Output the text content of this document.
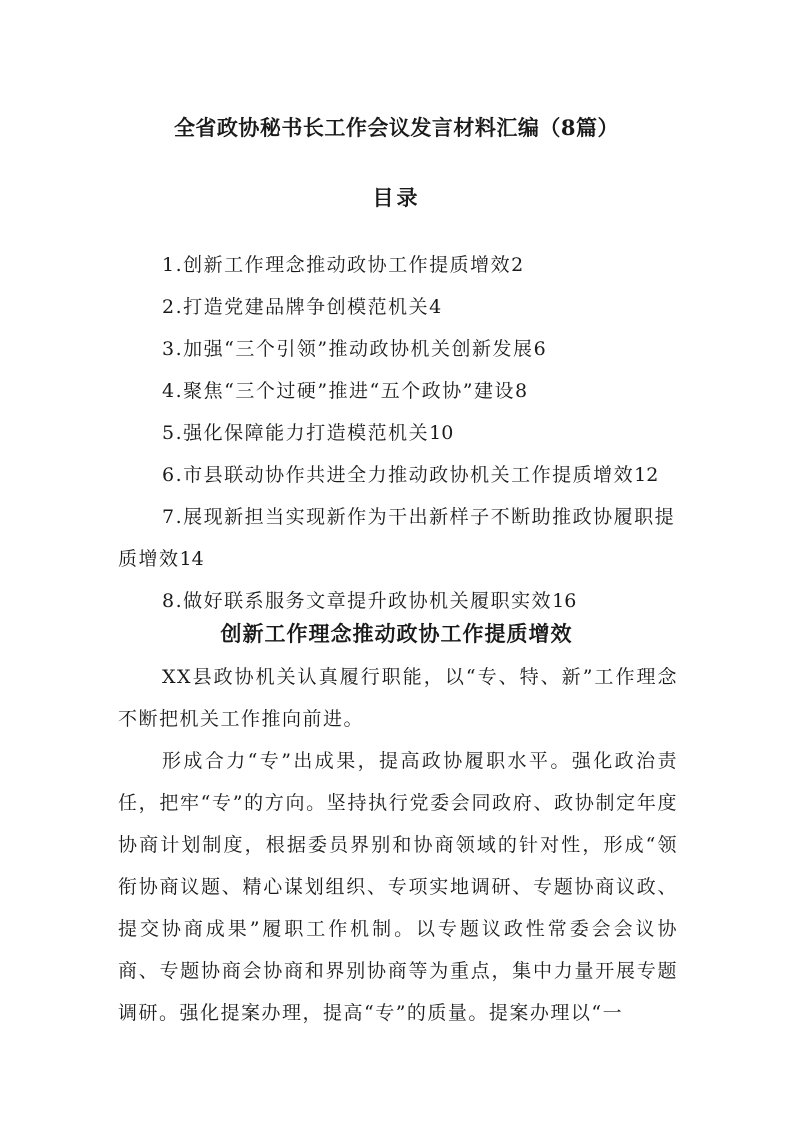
全省政协秘书长工作会议发言材料汇编（8篇）
目录
1.创新工作理念推动政协工作提质增效2
2.打造党建品牌争创模范机关4
3.加强“三个引领”推动政协机关创新发展6
4.聚焦“三个过硬”推进“五个政协”建设8
5.强化保障能力打造模范机关10
6.市县联动协作共进全力推动政协机关工作提质增效12
7.展现新担当实现新作为干出新样子不断助推政协履职提质增效14
8.做好联系服务文章提升政协机关履职实效16
创新工作理念推动政协工作提质增效

XX县政协机关认真履行职能，以“专、特、新”工作理念不断把机关工作推向前进。

形成合力“专”出成果，提高政协履职水平。强化政治责任，把牢“专”的方向。坚持执行党委会同政府、政协制定年度协商计划制度，根据委员界别和协商领域的针对性，形成“领衔协商议题、精心谋划组织、专项实地调研、专题协商议政、提交协商成果”履职工作机制。以专题议政性常委会会议协商、专题协商会协商和界别协商等为重点，集中力量开展专题调研。强化提案办理，提高“专”的质量。提案办理以“一
